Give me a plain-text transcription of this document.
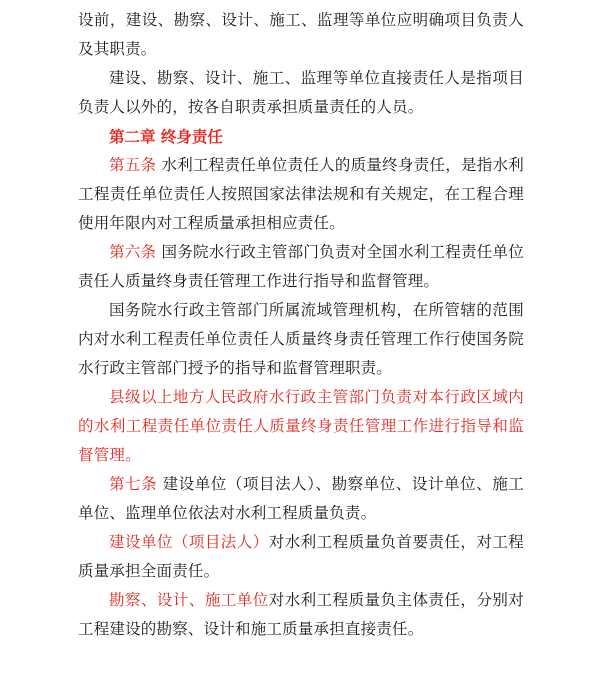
设前，建设、勘察、设计、施工、监理等单位应明确项目负责人及其职责。

建设、勘察、设计、施工、监理等单位直接责任人是指项目负责人以外的，按各自职责承担质量责任的人员。

第二章 终身责任

第五条 水利工程责任单位责任人的质量终身责任，是指水利工程责任单位责任人按照国家法律法规和有关规定，在工程合理使用年限内对工程质量承担相应责任。

第六条 国务院水行政主管部门负责对全国水利工程责任单位责任人质量终身责任管理工作进行指导和监督管理。

国务院水行政主管部门所属流域管理机构，在所管辖的范围内对水利工程责任单位责任人质量终身责任管理工作行使国务院水行政主管部门授予的指导和监督管理职责。

县级以上地方人民政府水行政主管部门负责对本行政区域内的水利工程责任单位责任人质量终身责任管理工作进行指导和监督管理。

第七条 建设单位（项目法人）、勘察单位、设计单位、施工单位、监理单位依法对水利工程质量负责。

建设单位（项目法人）对水利工程质量负首要责任，对工程质量承担全面责任。

勘察、设计、施工单位对水利工程质量负主体责任，分别对工程建设的勘察、设计和施工质量承担直接责任。
